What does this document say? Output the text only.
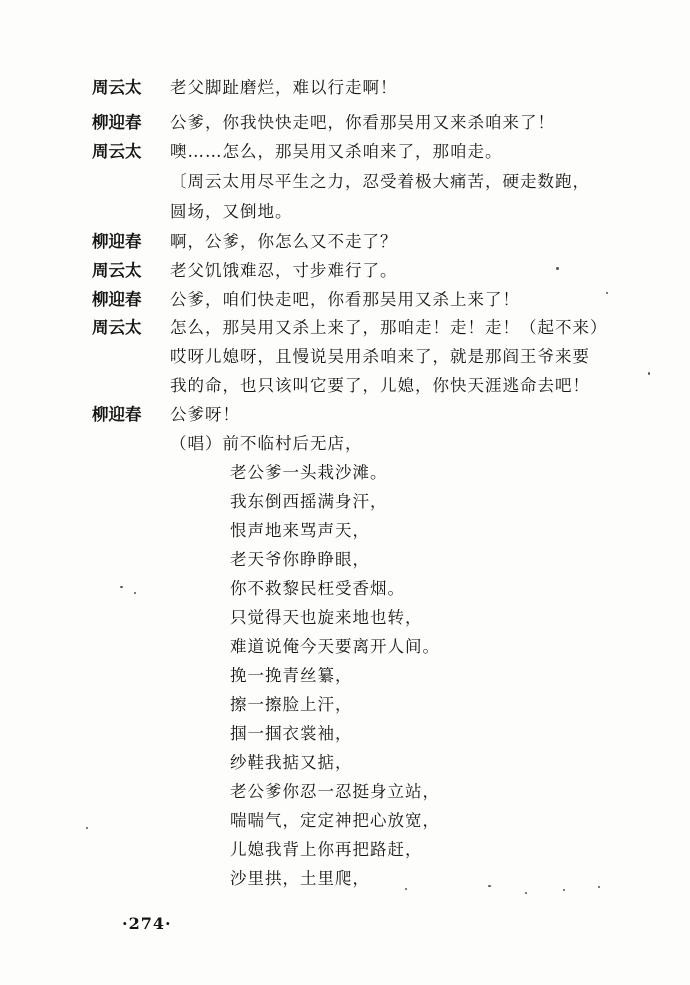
周云太 老父脚趾磨烂，难以行走啊！
柳迎春 公爹，你我快快走吧，你看那吴用又来杀咱来了！
周云太 噢……怎么，那吴用又杀咱来了，那咱走。
〔周云太用尽平生之力，忍受着极大痛苦，硬走数跑，
圆场，又倒地。
柳迎春 啊，公爹，你怎么又不走了？
周云太 老父饥饿难忍，寸步难行了。
柳迎春 公爹，咱们快走吧，你看那吴用又杀上来了！
周云太 怎么，那吴用又杀上来了，那咱走！走！走！（起不来）
哎呀儿媳呀，且慢说吴用杀咱来了，就是那阎王爷来要
我的命，也只该叫它要了，儿媳，你快天涯逃命去吧！
柳迎春 公爹呀！
（唱）前不临村后无店，
老公爹一头栽沙滩。
我东倒西摇满身汗，
恨声地来骂声天，
老天爷你睁睁眼，
你不救黎民枉受香烟。
只觉得天也旋来地也转，
难道说俺今天要离开人间。
挽一挽青丝纂，
擦一擦脸上汗，
掴一掴衣裳袖，
纱鞋我掂又掂，
老公爹你忍一忍挺身立站，
喘喘气，定定神把心放宽，
儿媳我背上你再把路赶，
沙里拱，土里爬，
·274·
